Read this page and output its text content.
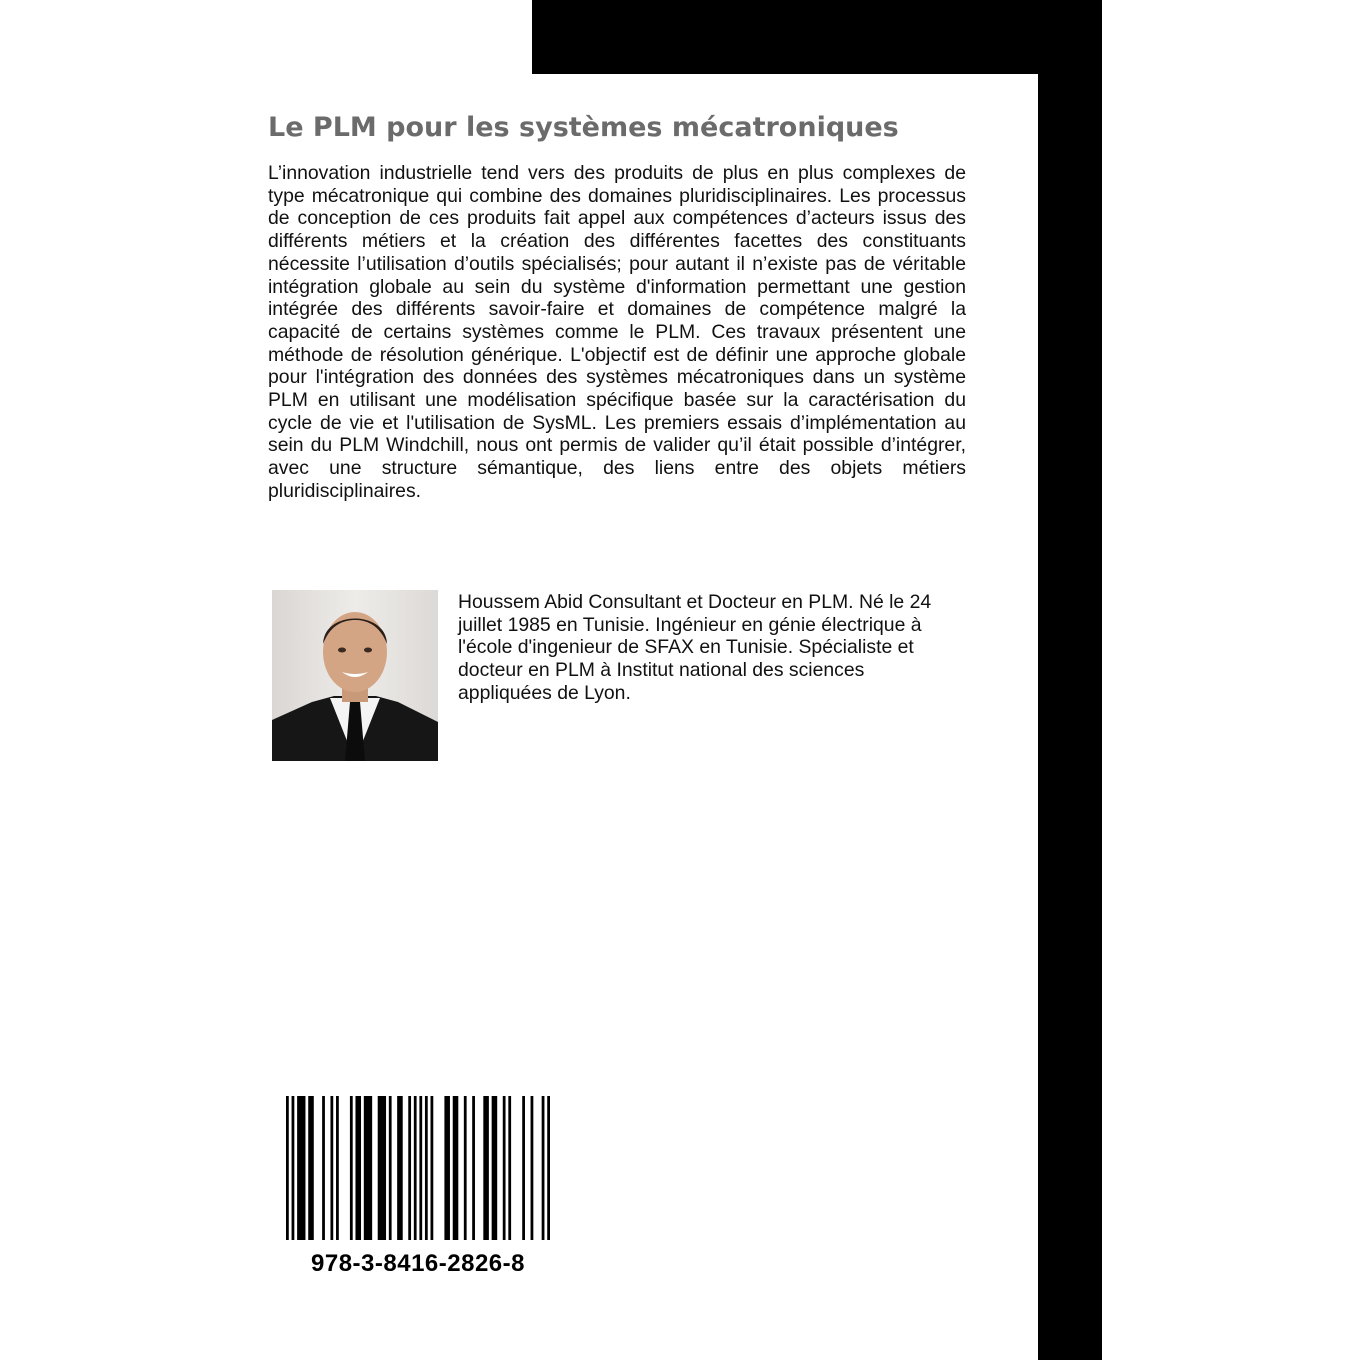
Le PLM pour les systèmes mécatroniques

L’innovation industrielle tend vers des produits de plus en plus complexes de type mécatronique qui combine des domaines pluridisciplinaires. Les processus de conception de ces produits fait appel aux compétences d’acteurs issus des différents métiers et la création des différentes facettes des constituants nécessite l’utilisation d’outils spécialisés; pour autant il n’existe pas de véritable intégration globale au sein du système d'information permettant une gestion intégrée des différents savoir-faire et domaines de compétence malgré la capacité de certains systèmes comme le PLM. Ces travaux présentent une méthode de résolution générique. L'objectif est de définir une approche globale pour l'intégration des données des systèmes mécatroniques dans un système PLM en utilisant une modélisation spécifique basée sur la caractérisation du cycle de vie et l'utilisation de SysML. Les premiers essais d’implémentation au sein du PLM Windchill, nous ont permis de valider qu’il était possible d’intégrer, avec une structure sémantique, des liens entre des objets métiers pluridisciplinaires.

Houssem Abid Consultant et Docteur en PLM. Né le 24 juillet 1985 en Tunisie. Ingénieur en génie électrique à l'école d'ingenieur de SFAX en Tunisie. Spécialiste et docteur en PLM à Institut national des sciences appliquées de Lyon.

978-3-8416-2826-8
